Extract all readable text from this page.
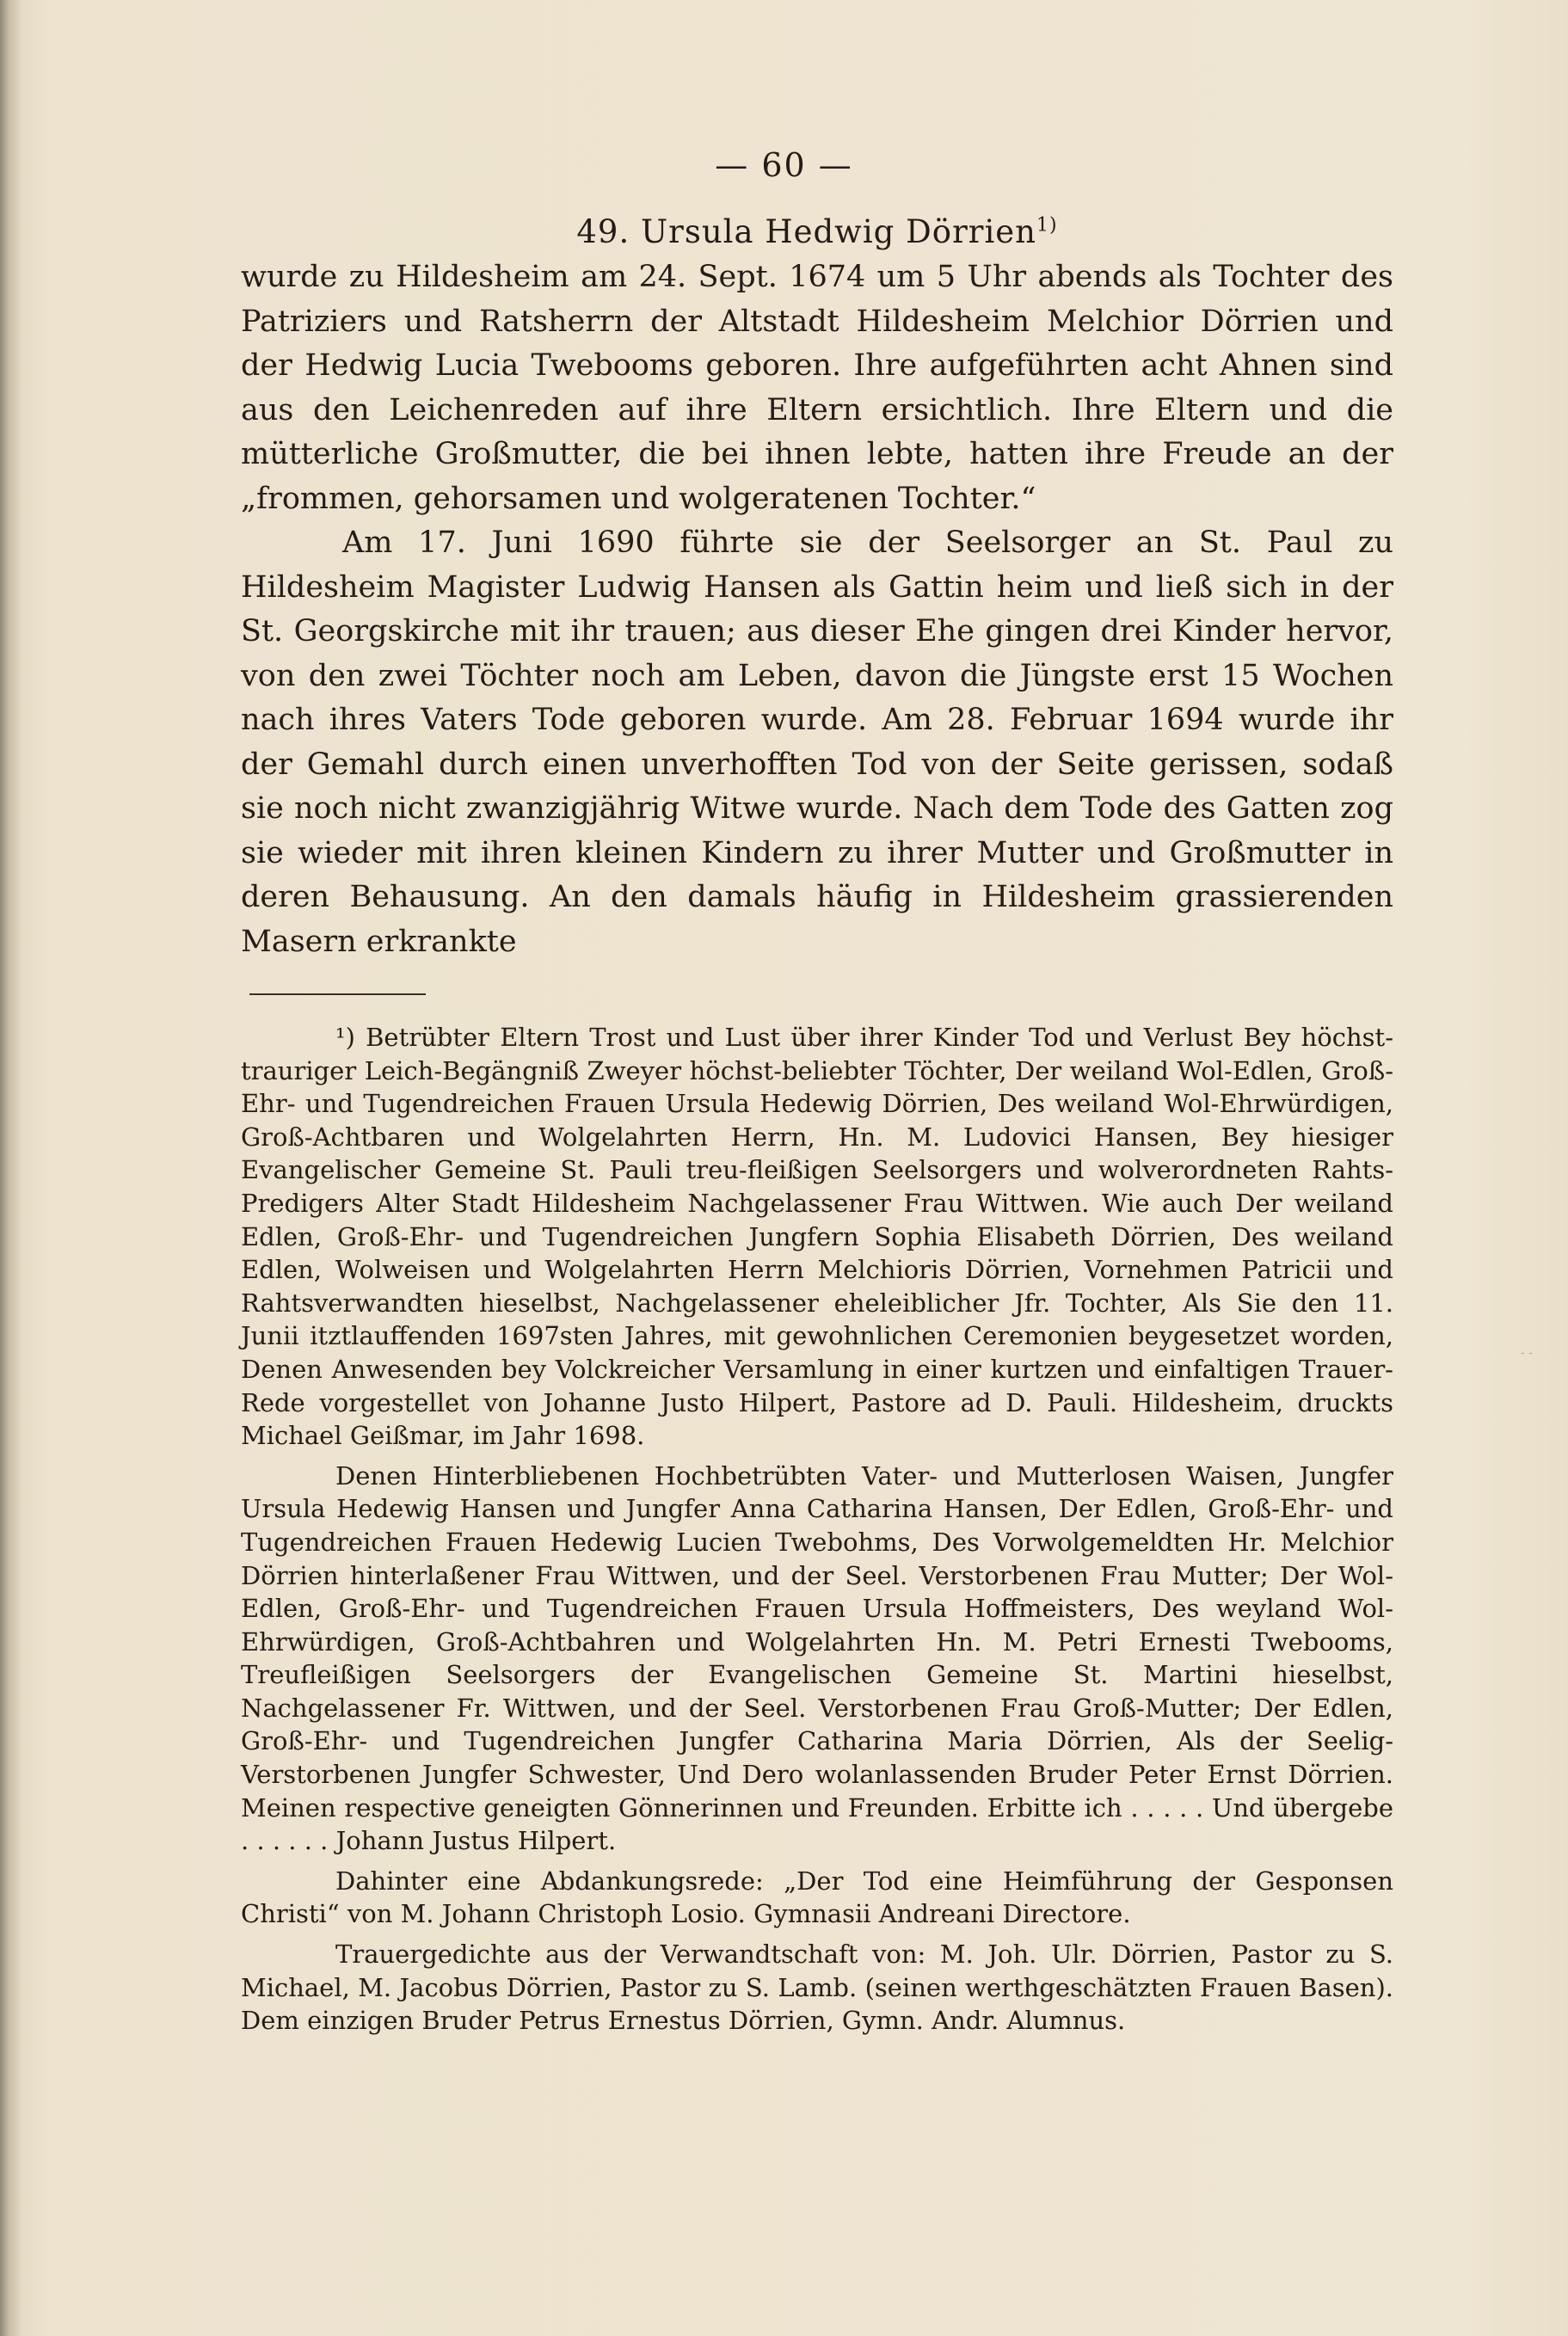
— 60 —
49. Ursula Hedwig Dörrien$^{1)}$

wurde zu Hildesheim am 24. Sept. 1674 um 5 Uhr abends als Tochter des Patriziers und Ratsherrn der Altstadt Hildesheim Melchior Dörrien und der Hedwig Lucia Twebooms geboren. Ihre aufgeführten acht Ahnen sind aus den Leichenreden auf ihre Eltern ersichtlich. Ihre Eltern und die mütterliche Großmutter, die bei ihnen lebte, hatten ihre Freude an der „frommen, gehorsamen und wolgeratenen Tochter.“

Am 17. Juni 1690 führte sie der Seelsorger an St. Paul zu Hildesheim Magister Ludwig Hansen als Gattin heim und ließ sich in der St. Georgskirche mit ihr trauen; aus dieser Ehe gingen drei Kinder hervor, von den zwei Töchter noch am Leben, davon die Jüngste erst 15 Wochen nach ihres Vaters Tode geboren wurde. Am 28. Februar 1694 wurde ihr der Gemahl durch einen unverhofften Tod von der Seite gerissen, sodaß sie noch nicht zwanzigjährig Witwe wurde. Nach dem Tode des Gatten zog sie wieder mit ihren kleinen Kindern zu ihrer Mutter und Großmutter in deren Behausung. An den damals häufig in Hildesheim grassierenden Masern erkrankte

¹) Betrübter Eltern Trost und Lust über ihrer Kinder Tod und Verlust Bey höchst-trauriger Leich-Begängniß Zweyer höchst-beliebter Töchter, Der weiland Wol-Edlen, Groß-Ehr- und Tugendreichen Frauen Ursula Hedewig Dörrien, Des weiland Wol-Ehrwürdigen, Groß-Achtbaren und Wolgelahrten Herrn, Hn. M. Ludovici Hansen, Bey hiesiger Evangelischer Gemeine St. Pauli treu-fleißigen Seelsorgers und wolverordneten Rahts-Predigers Alter Stadt Hildesheim Nachgelassener Frau Wittwen. Wie auch Der weiland Edlen, Groß-Ehr- und Tugendreichen Jungfern Sophia Elisabeth Dörrien, Des weiland Edlen, Wolweisen und Wolgelahrten Herrn Melchioris Dörrien, Vornehmen Patricii und Rahtsverwandten hieselbst, Nachgelassener eheleiblicher Jfr. Tochter, Als Sie den 11. Junii itztlauffenden 1697sten Jahres, mit gewohnlichen Ceremonien beygesetzet worden, Denen Anwesenden bey Volckreicher Versamlung in einer kurtzen und einfaltigen Trauer-Rede vorgestellet von Johanne Justo Hilpert, Pastore ad D. Pauli. Hildesheim, druckts Michael Geißmar, im Jahr 1698.

Denen Hinterbliebenen Hochbetrübten Vater- und Mutterlosen Waisen, Jungfer Ursula Hedewig Hansen und Jungfer Anna Catharina Hansen, Der Edlen, Groß-Ehr- und Tugendreichen Frauen Hedewig Lucien Twebohms, Des Vorwolgemeldten Hr. Melchior Dörrien hinterlaßener Frau Wittwen, und der Seel. Verstorbenen Frau Mutter; Der Wol-Edlen, Groß-Ehr- und Tugendreichen Frauen Ursula Hoffmeisters, Des weyland Wol-Ehrwürdigen, Groß-Achtbahren und Wolgelahrten Hn. M. Petri Ernesti Twebooms, Treufleißigen Seelsorgers der Evangelischen Gemeine St. Martini hieselbst, Nachgelassener Fr. Wittwen, und der Seel. Verstorbenen Frau Groß-Mutter; Der Edlen, Groß-Ehr- und Tugendreichen Jungfer Catharina Maria Dörrien, Als der Seelig-Verstorbenen Jungfer Schwester, Und Dero wolanlassenden Bruder Peter Ernst Dörrien. Meinen respective geneigten Gönnerinnen und Freunden. Erbitte ich . . . . . Und übergebe . . . . . . Johann Justus Hilpert.

Dahinter eine Abdankungsrede: „Der Tod eine Heimführung der Gesponsen Christi“ von M. Johann Christoph Losio. Gymnasii Andreani Directore.

Trauergedichte aus der Verwandtschaft von: M. Joh. Ulr. Dörrien, Pastor zu S. Michael, M. Jacobus Dörrien, Pastor zu S. Lamb. (seinen werthgeschätzten Frauen Basen). Dem einzigen Bruder Petrus Ernestus Dörrien, Gymn. Andr. Alumnus.

‐ ‐
